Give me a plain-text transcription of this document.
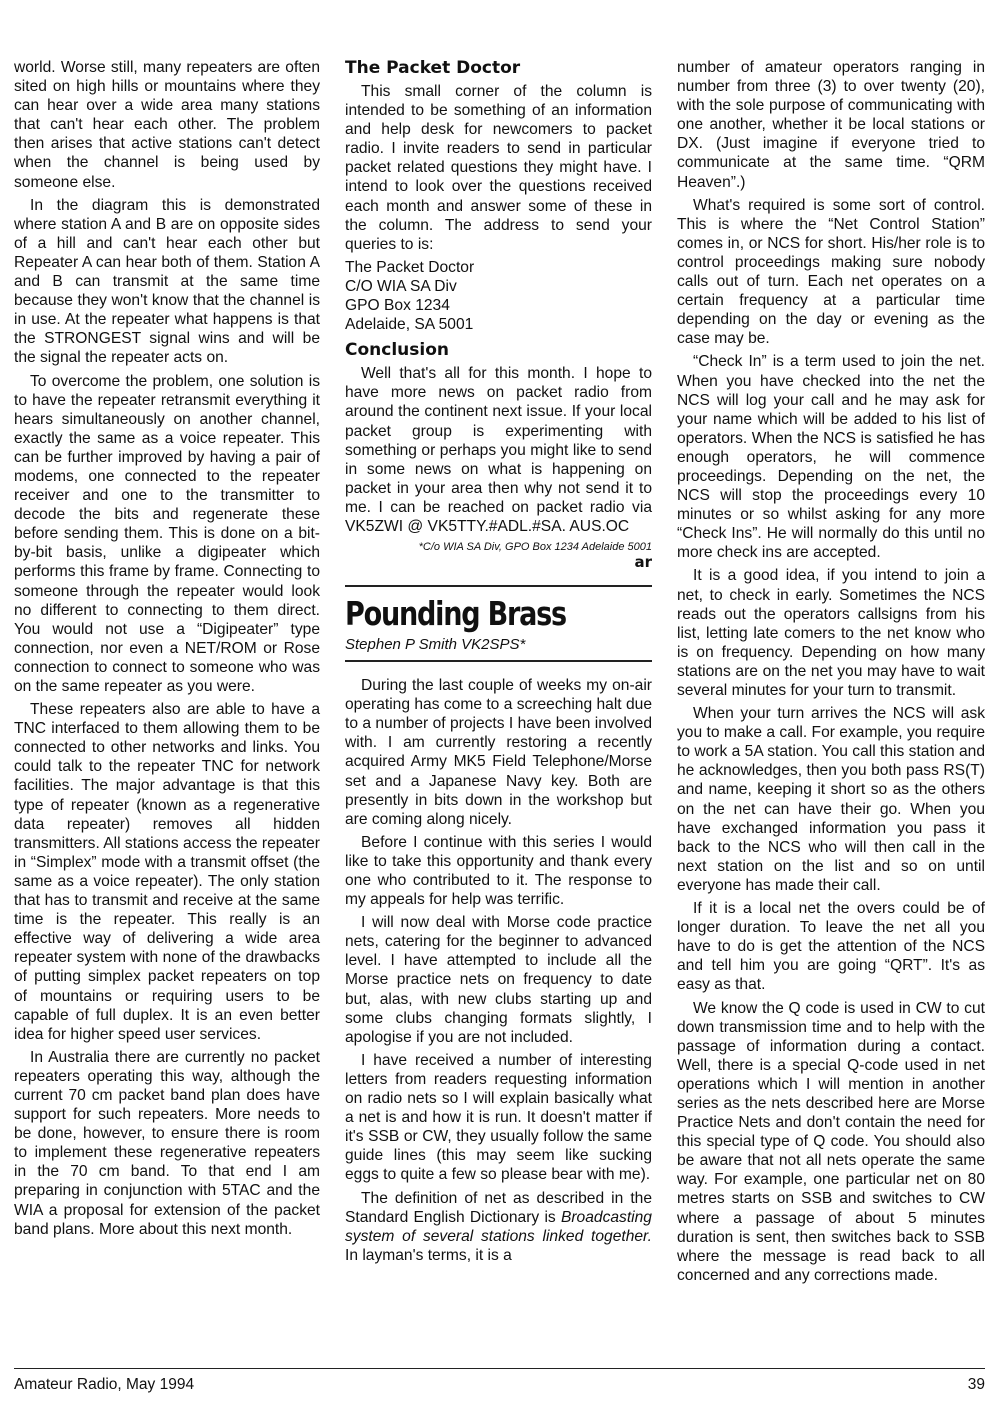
world. Worse still, many repeaters are often sited on high hills or mountains where they can hear over a wide area many stations that can't hear each other. The problem then arises that active stations can't detect when the channel is being used by someone else.

In the diagram this is demonstrated where station A and B are on opposite sides of a hill and can't hear each other but Repeater A can hear both of them. Station A and B can transmit at the same time because they won't know that the channel is in use. At the repeater what happens is that the STRONGEST signal wins and will be the signal the repeater acts on.

To overcome the problem, one solution is to have the repeater retransmit everything it hears simultaneously on another channel, exactly the same as a voice repeater. This can be further improved by having a pair of modems, one connected to the repeater receiver and one to the transmitter to decode the bits and regenerate these before sending them. This is done on a bit-by-bit basis, unlike a digipeater which performs this frame by frame. Connecting to someone through the repeater would look no different to connecting to them direct. You would not use a “Digipeater” type connection, nor even a NET/ROM or Rose connection to connect to someone who was on the same repeater as you were.

These repeaters also are able to have a TNC interfaced to them allowing them to be connected to other networks and links. You could talk to the repeater TNC for network facilities. The major advantage is that this type of repeater (known as a regenerative data repeater) removes all hidden transmitters. All stations access the repeater in “Simplex” mode with a transmit offset (the same as a voice repeater). The only station that has to transmit and receive at the same time is the repeater. This really is an effective way of delivering a wide area repeater system with none of the drawbacks of putting simplex packet repeaters on top of mountains or requiring users to be capable of full duplex. It is an even better idea for higher speed user services.

In Australia there are currently no packet repeaters operating this way, although the current 70 cm packet band plan does have support for such repeaters. More needs to be done, however, to ensure there is room to implement these regenerative repeaters in the 70 cm band. To that end I am preparing in conjunction with 5TAC and the WIA a proposal for extension of the packet band plans. More about this next month.

The Packet Doctor

This small corner of the column is intended to be something of an information and help desk for newcomers to packet radio. I invite readers to send in particular packet related questions they might have. I intend to look over the questions received each month and answer some of these in the column. The address to send your queries to is:

The Packet Doctor
C/O WIA SA Div
GPO Box 1234
Adelaide, SA 5001
Conclusion

Well that's all for this month. I hope to have more news on packet radio from around the continent next issue. If your local packet group is experimenting with something or perhaps you might like to send in some news on what is happening on packet in your area then why not send it to me. I can be reached on packet radio via VK5ZWI @ VK5TTY.#ADL.#SA. AUS.OC

*C/o WIA SA Div, GPO Box 1234 Adelaide 5001
ar
Pounding Brass
Stephen P Smith VK2SPS*

During the last couple of weeks my on-air operating has come to a screeching halt due to a number of projects I have been involved with. I am currently restoring a recently acquired Army MK5 Field Telephone/Morse set and a Japanese Navy key. Both are presently in bits down in the workshop but are coming along nicely.

Before I continue with this series I would like to take this opportunity and thank every one who contributed to it. The response to my appeals for help was terrific.

I will now deal with Morse code practice nets, catering for the beginner to advanced level. I have attempted to include all the Morse practice nets on frequency to date but, alas, with new clubs starting up and some clubs changing formats slightly, I apologise if you are not included.

I have received a number of interesting letters from readers requesting information on radio nets so I will explain basically what a net is and how it is run. It doesn't matter if it's SSB or CW, they usually follow the same guide lines (this may seem like sucking eggs to quite a few so please bear with me).

The definition of net as described in the Standard English Dictionary is Broadcasting system of several stations linked together. In layman's terms, it is a

number of amateur operators ranging in number from three (3) to over twenty (20), with the sole purpose of communicating with one another, whether it be local stations or DX. (Just imagine if everyone tried to communicate at the same time. “QRM Heaven”.)

What's required is some sort of control. This is where the “Net Control Station” comes in, or NCS for short. His/her role is to control proceedings making sure nobody calls out of turn. Each net operates on a certain frequency at a particular time depending on the day or evening as the case may be.

“Check In” is a term used to join the net. When you have checked into the net the NCS will log your call and he may ask for your name which will be added to his list of operators. When the NCS is satisfied he has enough operators, he will commence proceedings. Depending on the net, the NCS will stop the proceedings every 10 minutes or so whilst asking for any more “Check Ins”. He will normally do this until no more check ins are accepted.

It is a good idea, if you intend to join a net, to check in early. Sometimes the NCS reads out the operators callsigns from his list, letting late comers to the net know who is on frequency. Depending on how many stations are on the net you may have to wait several minutes for your turn to transmit.

When your turn arrives the NCS will ask you to make a call. For example, you require to work a 5A station. You call this station and he acknowledges, then you both pass RS(T) and name, keeping it short so as the others on the net can have their go. When you have exchanged information you pass it back to the NCS who will then call in the next station on the list and so on until everyone has made their call.

If it is a local net the overs could be of longer duration. To leave the net all you have to do is get the attention of the NCS and tell him you are going “QRT”. It's as easy as that.

We know the Q code is used in CW to cut down transmission time and to help with the passage of information during a contact. Well, there is a special Q-code used in net operations which I will mention in another series as the nets described here are Morse Practice Nets and don't contain the need for this special type of Q code. You should also be aware that not all nets operate the same way. For example, one particular net on 80 metres starts on SSB and switches to CW where a passage of about 5 minutes duration is sent, then switches back to SSB where the message is read back to all concerned and any corrections made.

Amateur Radio, May 1994	39
